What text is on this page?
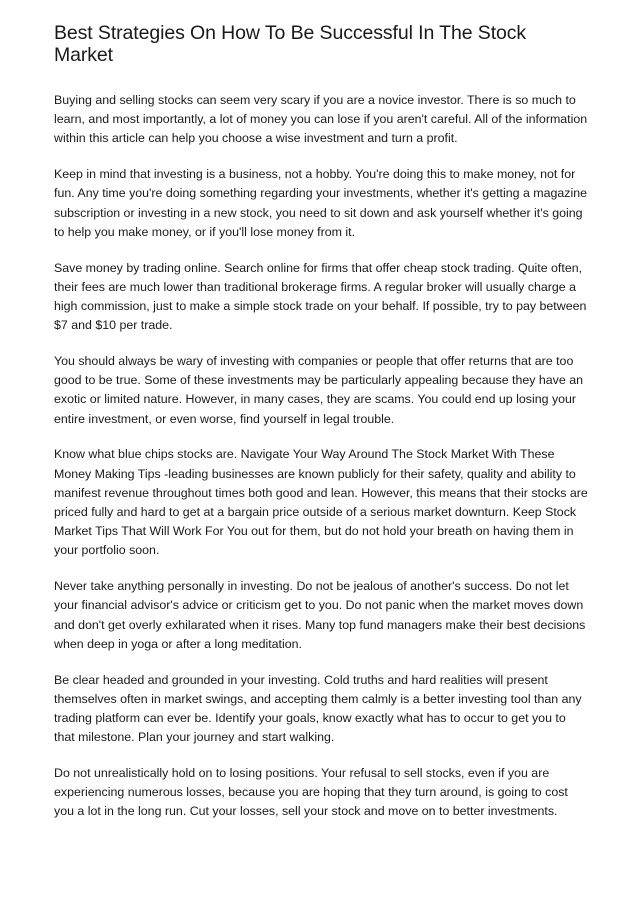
Best Strategies On How To Be Successful In The Stock Market

Buying and selling stocks can seem very scary if you are a novice investor. There is so much to learn, and most importantly, a lot of money you can lose if you aren't careful. All of the information within this article can help you choose a wise investment and turn a profit.

Keep in mind that investing is a business, not a hobby. You're doing this to make money, not for fun. Any time you're doing something regarding your investments, whether it's getting a magazine subscription or investing in a new stock, you need to sit down and ask yourself whether it's going to help you make money, or if you'll lose money from it.

Save money by trading online. Search online for firms that offer cheap stock trading. Quite often, their fees are much lower than traditional brokerage firms. A regular broker will usually charge a high commission, just to make a simple stock trade on your behalf. If possible, try to pay between $7 and $10 per trade.

You should always be wary of investing with companies or people that offer returns that are too good to be true. Some of these investments may be particularly appealing because they have an exotic or limited nature. However, in many cases, they are scams. You could end up losing your entire investment, or even worse, find yourself in legal trouble.

Know what blue chips stocks are. Navigate Your Way Around The Stock Market With These Money Making Tips -leading businesses are known publicly for their safety, quality and ability to manifest revenue throughout times both good and lean. However, this means that their stocks are priced fully and hard to get at a bargain price outside of a serious market downturn. Keep Stock Market Tips That Will Work For You out for them, but do not hold your breath on having them in your portfolio soon.

Never take anything personally in investing. Do not be jealous of another's success. Do not let your financial advisor's advice or criticism get to you. Do not panic when the market moves down and don't get overly exhilarated when it rises. Many top fund managers make their best decisions when deep in yoga or after a long meditation.

Be clear headed and grounded in your investing. Cold truths and hard realities will present themselves often in market swings, and accepting them calmly is a better investing tool than any trading platform can ever be. Identify your goals, know exactly what has to occur to get you to that milestone. Plan your journey and start walking.

Do not unrealistically hold on to losing positions. Your refusal to sell stocks, even if you are experiencing numerous losses, because you are hoping that they turn around, is going to cost you a lot in the long run. Cut your losses, sell your stock and move on to better investments.
